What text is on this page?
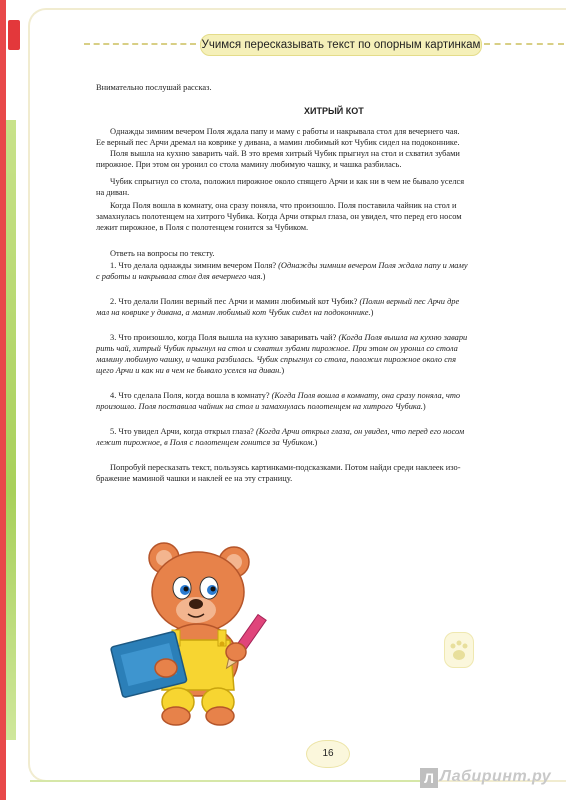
Учимся пересказывать текст по опорным картинкам
Внимательно послушай рассказ.
ХИТРЫЙ КОТ
Однажды зимним вечером Поля ждала папу и маму с работы и накрывала стол для вечернего чая.
Ее верный пес Арчи дремал на коврике у дивана, а мамин любимый кот Чубик сидел на подоконнике.
Поля вышла на кухню заварить чай. В это время хитрый Чубик прыгнул на стол и схватил зубами
пирожное. При этом он уронил со стола мамину любимую чашку, и чашка разбилась.
Чубик спрыгнул со стола, положил пирожное около спящего Арчи и как ни в чем не бывало уселся
на диван.
Когда Поля вошла в комнату, она сразу поняла, что произошло. Поля поставила чайник на стол и
замахнулась полотенцем на хитрого Чубика. Когда Арчи открыл глаза, он увидел, что перед его носом
лежит пирожное, в Поля с полотенцем гонится за Чубиком.
Ответь на вопросы по тексту.
1. Что делала однажды зимним вечером Поля? (Однажды зимним вечером Поля ждала папу и маму
с работы и накрывала стол для вечернего чая.)
2. Что делали Полин верный пес Арчи и мамин любимый кот Чубик? (Полин верный пес Арчи дре
мал на коврике у дивана, а мамин любимый кот Чубик сидел на подоконнике.)
3. Что произошло, когда Поля вышла на кухню заваривать чай? (Когда Поля вышла на кухню завари
рить чай, хитрый Чубик прыгнул на стол и схватил зубами пирожное. При этом он уронил со стола
мамину любимую чашку, и чашка разбилась. Чубик спрыгнул со стола, положил пирожное около спя
щего Арчи и как ни в чем не бывало уселся на диван.)
4. Что сделала Поля, когда вошла в комнату? (Когда Поля вошла в комнату, она сразу поняла, что
произошло. Поля поставила чайник на стол и замахнулась полотенцем на хитрого Чубика.)
5. Что увидел Арчи, когда открыл глаза? (Когда Арчи открыл глаза, он увидел, что перед его носом
лежит пирожное, в Поля с полотенцем гонится за Чубиком.)
Попробуй пересказать текст, пользуясь картинками-подсказками. Потом найди среди наклеек изо-
бражение маминой чашки и наклей ее на эту страницу.
16
Л Лабиринт.ру
